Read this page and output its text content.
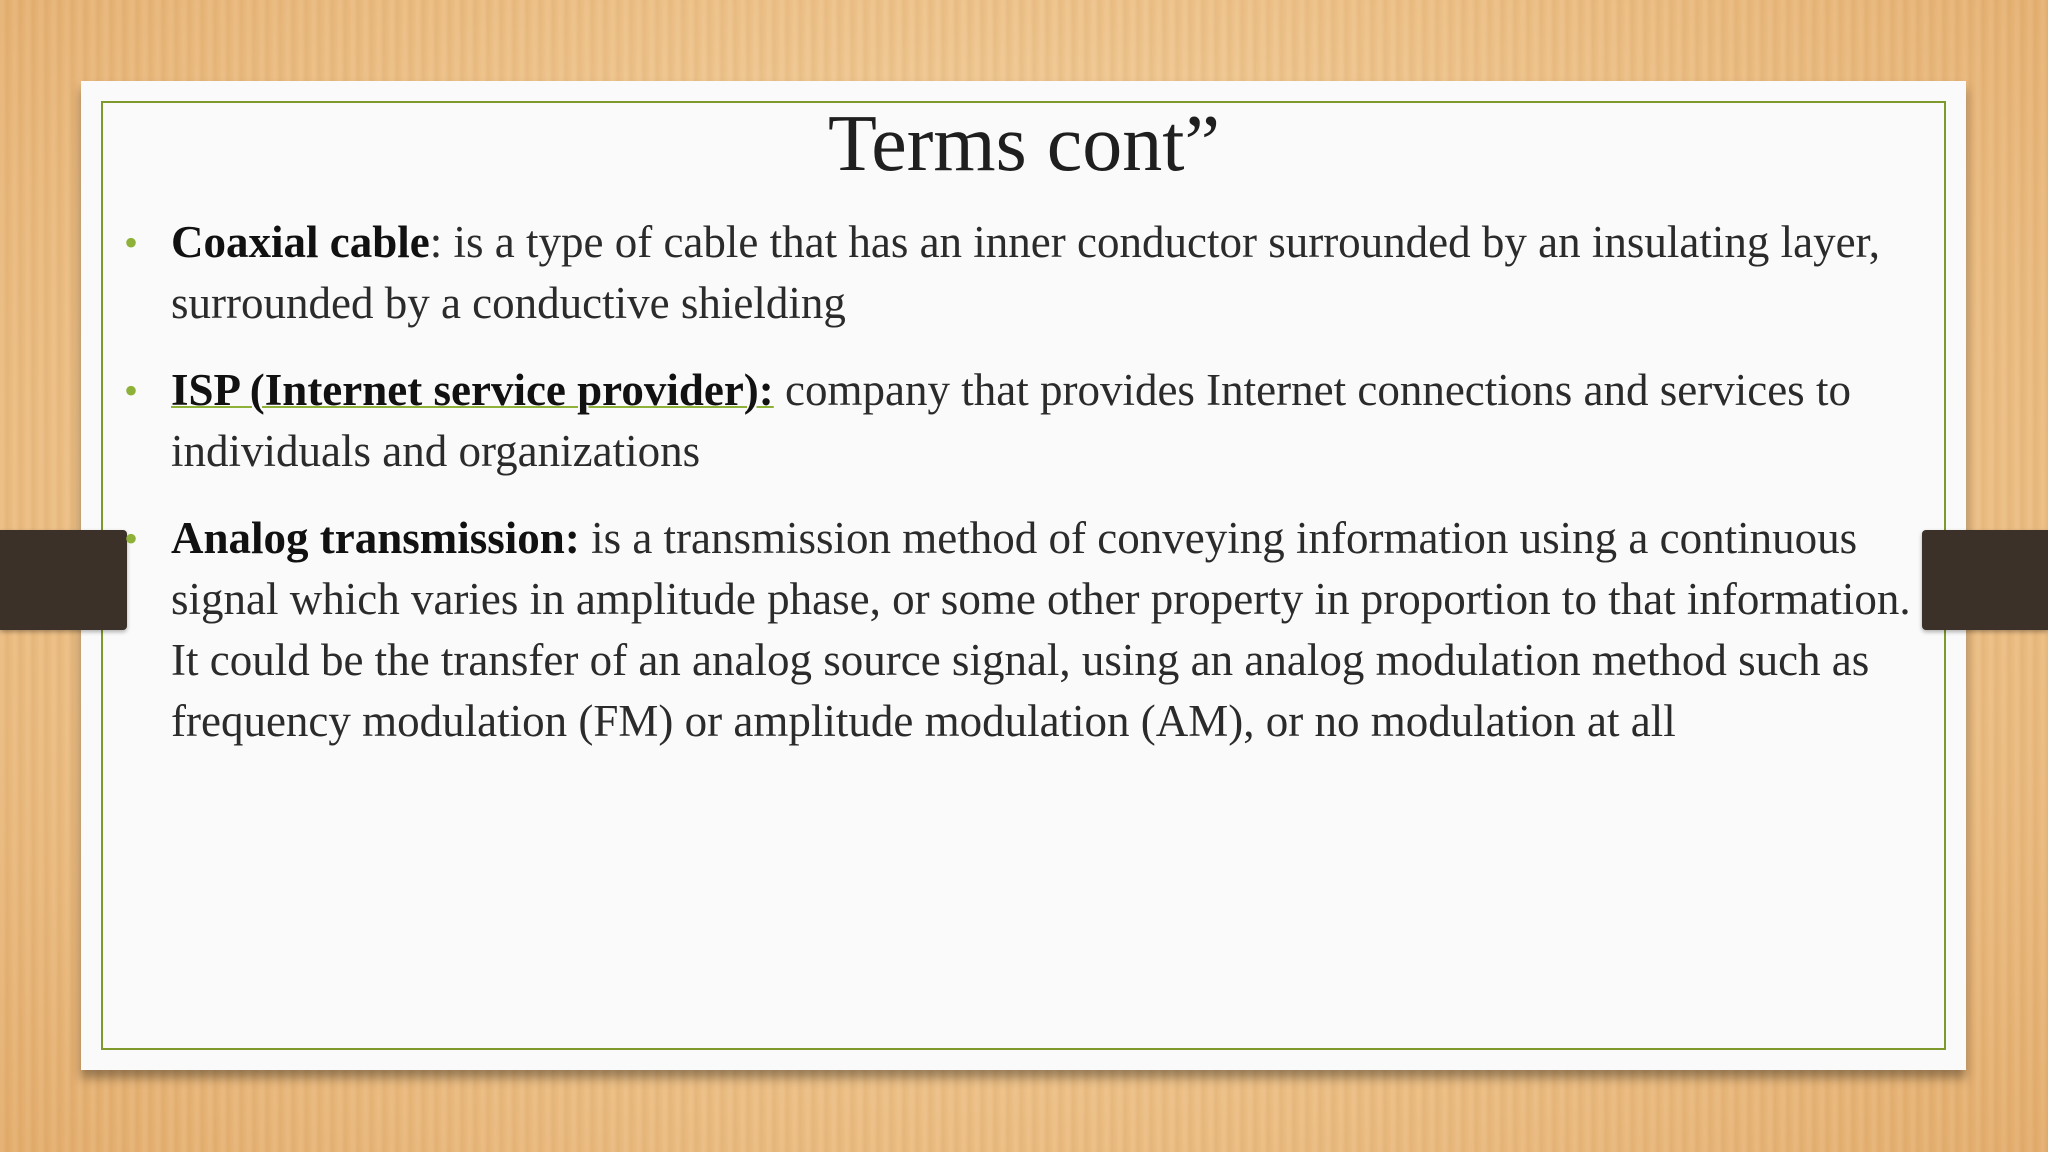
Terms cont”
• Coaxial cable: is a type of cable that has an inner conductor surrounded by an insulating layer, surrounded by a conductive shielding
• ISP (Internet service provider): company that provides Internet connections and services to individuals and organizations
• Analog transmission: is a transmission method of conveying information using a continuous signal which varies in amplitude phase, or some other property in proportion to that information. It could be the transfer of an analog source signal, using an analog modulation method such as frequency modulation (FM) or amplitude modulation (AM), or no modulation at all
